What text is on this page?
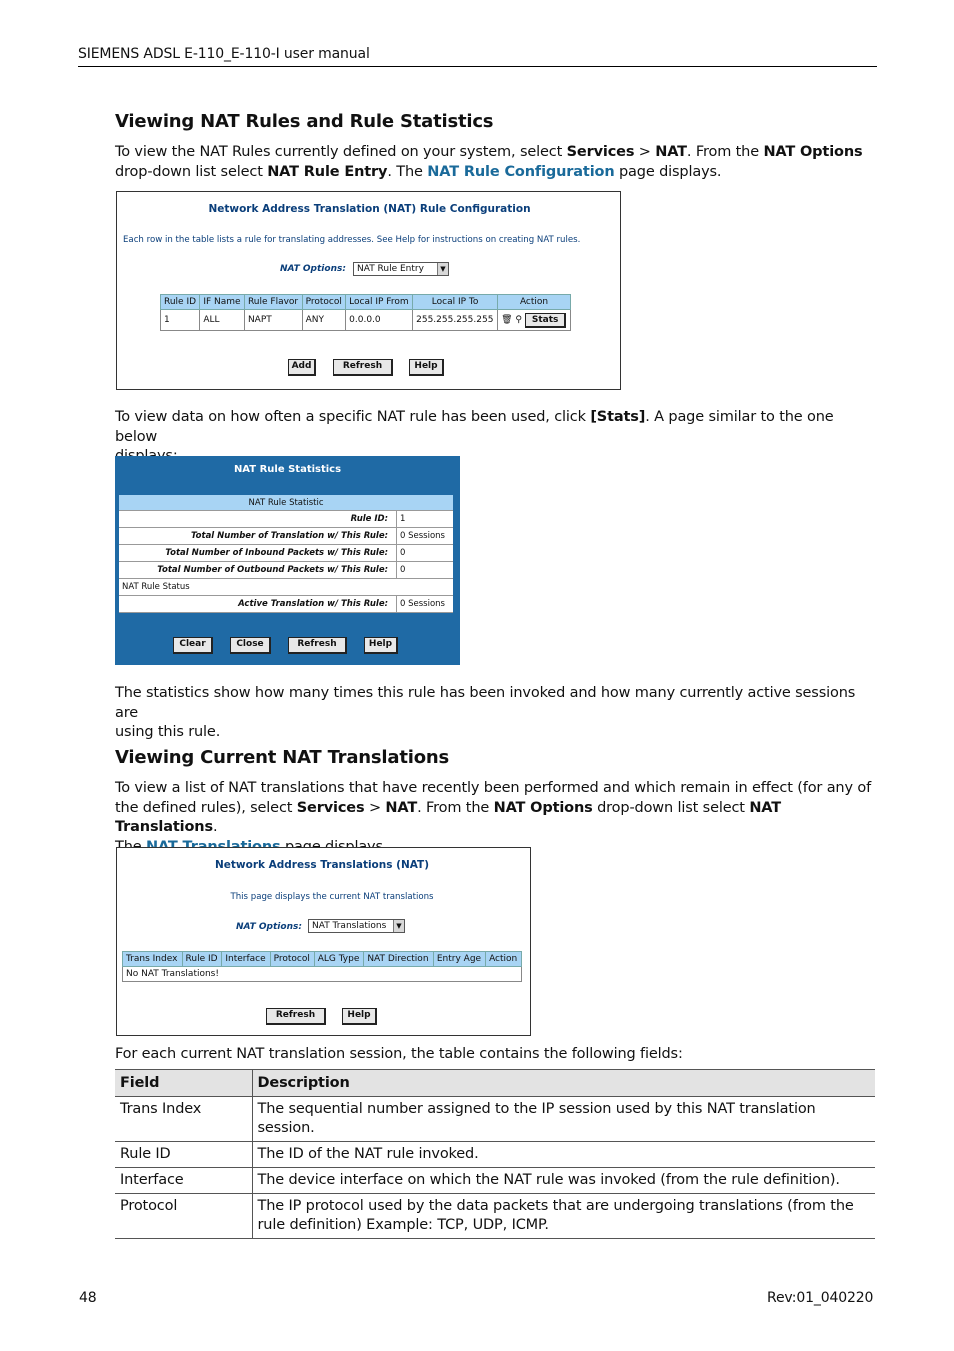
SIEMENS ADSL E-110_E-110-I user manual
Viewing NAT Rules and Rule Statistics
To view the NAT Rules currently defined on your system, select Services > NAT. From the NAT Options
drop-down list select NAT Rule Entry. The NAT Rule Configuration page displays.
Network Address Translation (NAT) Rule Configuration
Each row in the table lists a rule for translating addresses. See Help for instructions on creating NAT rules.
NAT Options:	NAT Rule Entry	▼
Rule ID	IF Name	Rule Flavor	Protocol	Local IP From	Local IP To	Action
1	ALL	NAPT	ANY	0.0.0.0	255.255.255.255	🗑 ⚲ Stats
Add	Refresh	Help
To view data on how often a specific NAT rule has been used, click [Stats]. A page similar to the one below

NAT Rule Statistics
NAT Rule Statistic
Rule ID:	1
Total Number of Translation w/ This Rule:	0 Sessions
Total Number of Inbound Packets w/ This Rule:	0
Total Number of Outbound Packets w/ This Rule:	0
NAT Rule Status
Active Translation w/ This Rule:	0 Sessions
Clear	Close	Refresh	Help
The statistics show how many times this rule has been invoked and how many currently active sessions are
using this rule.
Viewing Current NAT Translations
To view a list of NAT translations that have recently been performed and which remain in effect (for any of
the defined rules), select Services > NAT. From the NAT Options drop-down list select NAT Translations.

Network Address Translations (NAT)
This page displays the current NAT translations
NAT Options:	NAT Translations	▼
Trans Index	Rule ID	Interface	Protocol	ALG Type	NAT Direction	Entry Age	Action
No NAT Translations!
Refresh	Help
For each current NAT translation session, the table contains the following fields:
Field	Description
Trans Index	The sequential number assigned to the IP session used by this NAT translation session.
Rule ID	The ID of the NAT rule invoked.
Interface	The device interface on which the NAT rule was invoked (from the rule definition).
Protocol	The IP protocol used by the data packets that are undergoing translations (from the rule definition) Example: TCP, UDP, ICMP.
48	Rev:01_040220
